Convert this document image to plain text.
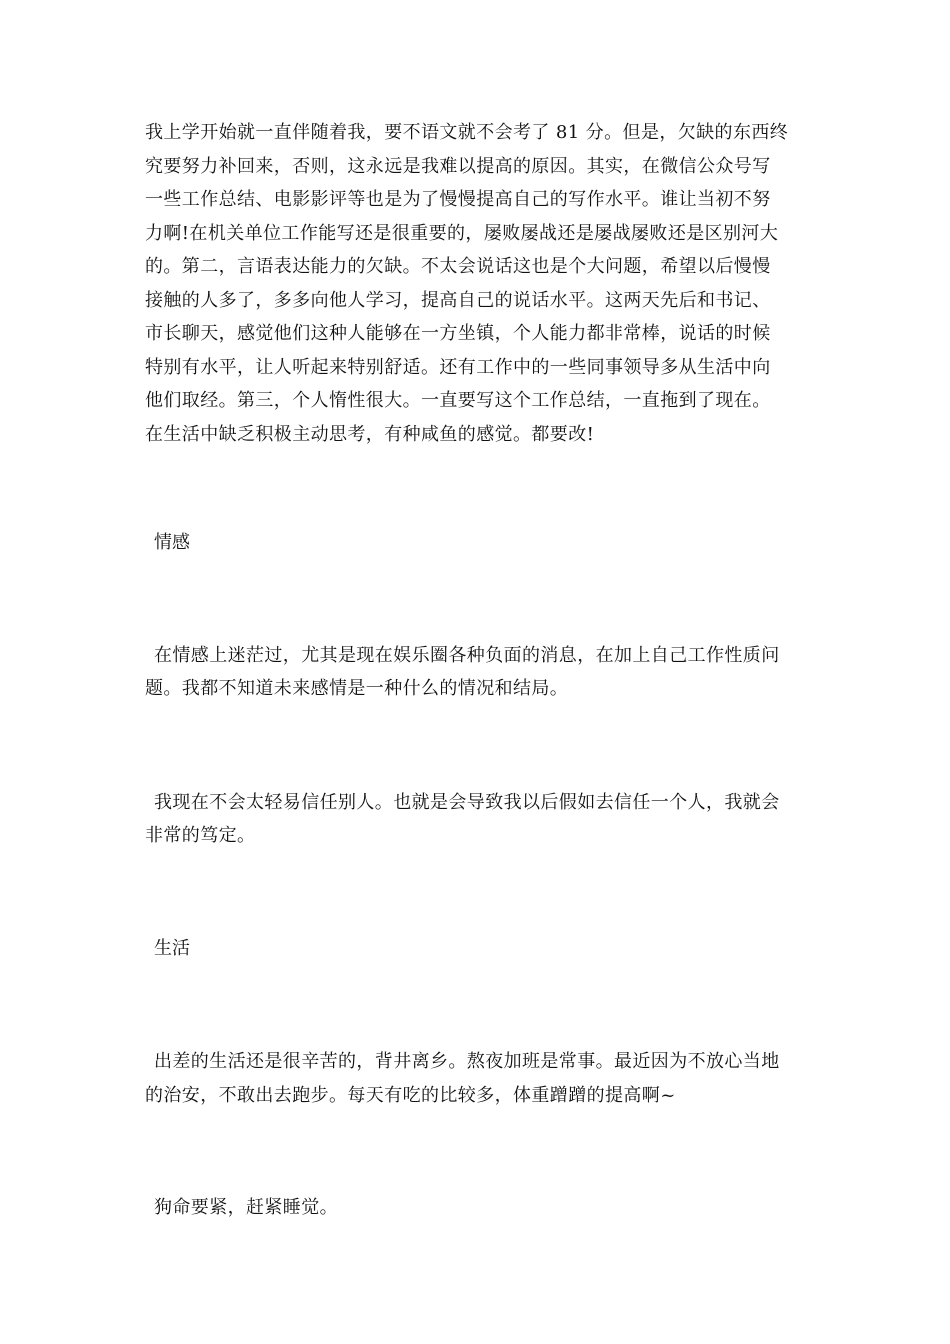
我上学开始就一直伴随着我，要不语文就不会考了 81 分。但是，欠缺的东西终
究要努力补回来，否则，这永远是我难以提高的原因。其实，在微信公众号写
一些工作总结、电影影评等也是为了慢慢提高自己的写作水平。谁让当初不努
力啊!在机关单位工作能写还是很重要的，屡败屡战还是屡战屡败还是区别河大
的。第二，言语表达能力的欠缺。不太会说话这也是个大问题，希望以后慢慢
接触的人多了，多多向他人学习，提高自己的说话水平。这两天先后和书记、
市长聊天，感觉他们这种人能够在一方坐镇，个人能力都非常棒，说话的时候
特别有水平，让人听起来特别舒适。还有工作中的一些同事领导多从生活中向
他们取经。第三，个人惰性很大。一直要写这个工作总结，一直拖到了现在。
在生活中缺乏积极主动思考，有种咸鱼的感觉。都要改!

情感

在情感上迷茫过，尤其是现在娱乐圈各种负面的消息，在加上自己工作性质问
题。我都不知道未来感情是一种什么的情况和结局。

我现在不会太轻易信任别人。也就是会导致我以后假如去信任一个人，我就会
非常的笃定。

生活

出差的生活还是很辛苦的，背井离乡。熬夜加班是常事。最近因为不放心当地
的治安，不敢出去跑步。每天有吃的比较多，体重蹭蹭的提高啊~

狗命要紧，赶紧睡觉。
